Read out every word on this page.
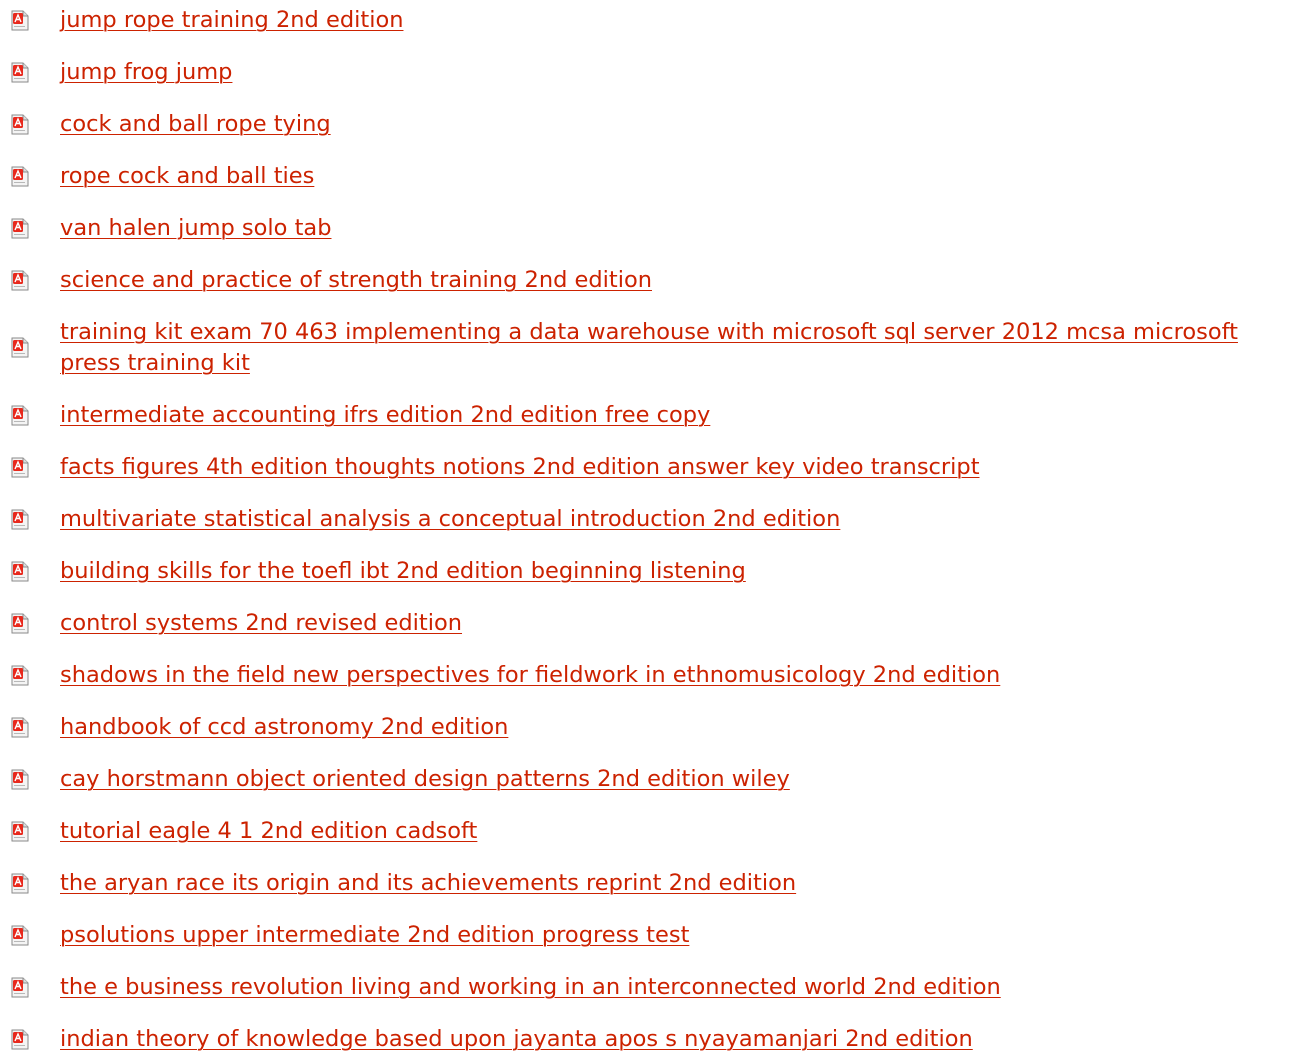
jump rope training 2nd edition
jump frog jump
cock and ball rope tying
rope cock and ball ties
van halen jump solo tab
science and practice of strength training 2nd edition
training kit exam 70 463 implementing a data warehouse with microsoft sql server 2012 mcsa microsoft press training kit
intermediate accounting ifrs edition 2nd edition free copy
facts figures 4th edition thoughts notions 2nd edition answer key video transcript
multivariate statistical analysis a conceptual introduction 2nd edition
building skills for the toefl ibt 2nd edition beginning listening
control systems 2nd revised edition
shadows in the field new perspectives for fieldwork in ethnomusicology 2nd edition
handbook of ccd astronomy 2nd edition
cay horstmann object oriented design patterns 2nd edition wiley
tutorial eagle 4 1 2nd edition cadsoft
the aryan race its origin and its achievements reprint 2nd edition
psolutions upper intermediate 2nd edition progress test
the e business revolution living and working in an interconnected world 2nd edition
indian theory of knowledge based upon jayanta apos s nyayamanjari 2nd edition
